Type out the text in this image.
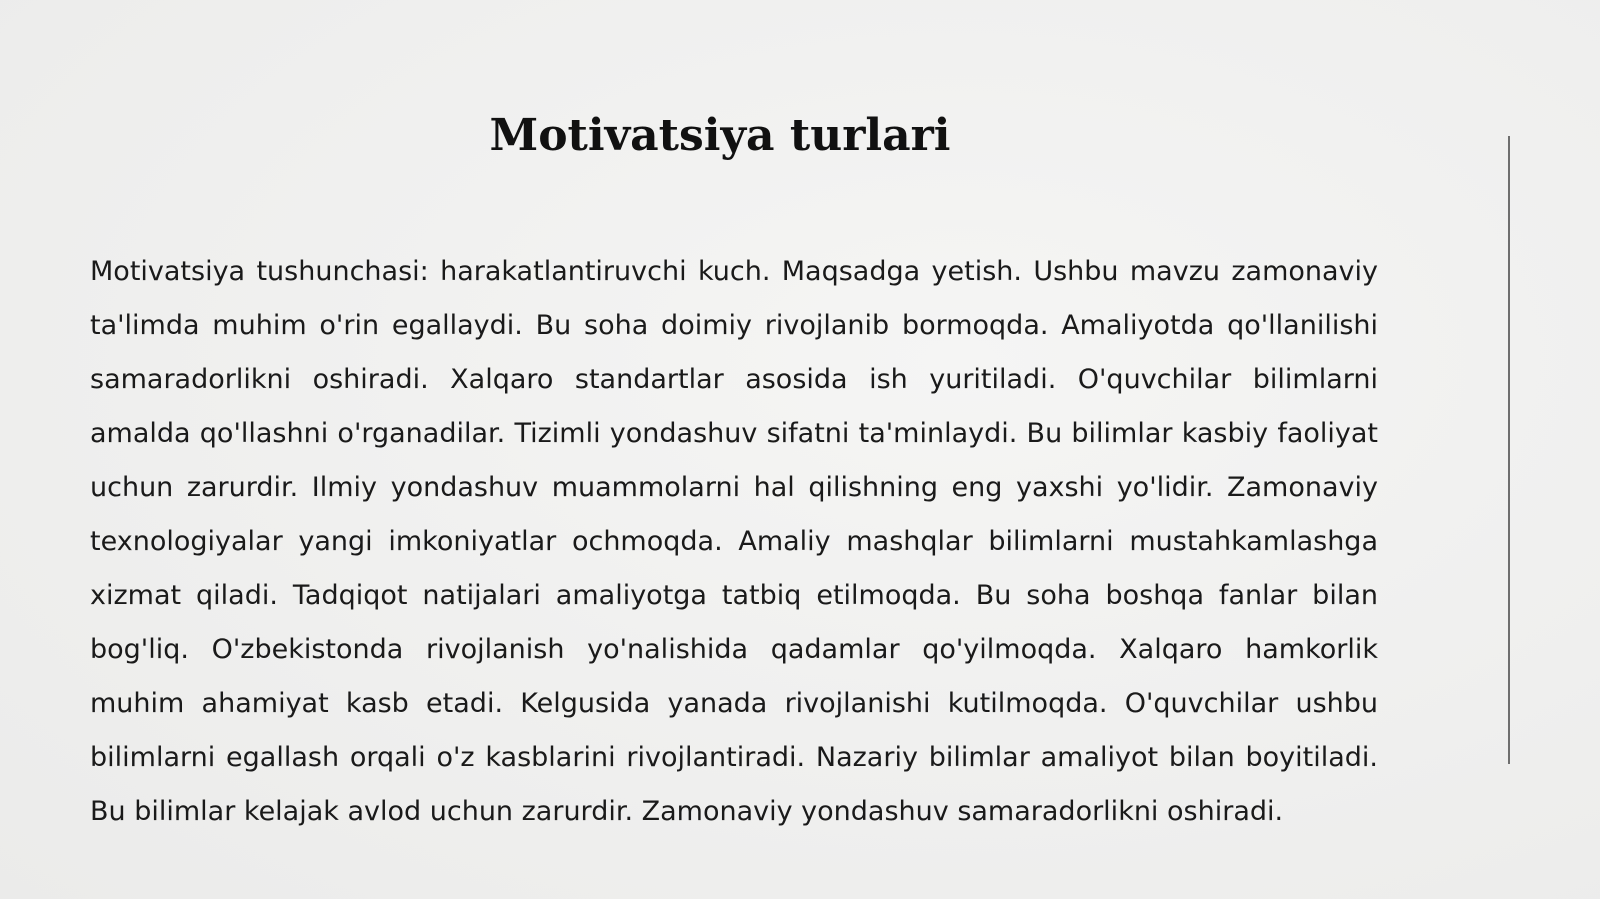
Motivatsiya turlari

Motivatsiya tushunchasi: harakatlantiruvchi kuch. Maqsadga yetish. Ushbu mavzu zamonaviy ta'limda muhim o'rin egallaydi. Bu soha doimiy rivojlanib bormoqda. Amaliyotda qo'llanilishi samaradorlikni oshiradi. Xalqaro standartlar asosida ish yuritiladi. O'quvchilar bilimlarni amalda qo'llashni o'rganadilar. Tizimli yondashuv sifatni ta'minlaydi. Bu bilimlar kasbiy faoliyat uchun zarurdir. Ilmiy yondashuv muammolarni hal qilishning eng yaxshi yo'lidir. Zamonaviy texnologiyalar yangi imkoniyatlar ochmoqda. Amaliy mashqlar bilimlarni mustahkamlashga xizmat qiladi. Tadqiqot natijalari amaliyotga tatbiq etilmoqda. Bu soha boshqa fanlar bilan bog'liq. O'zbekistonda rivojlanish yo'nalishida qadamlar qo'yilmoqda. Xalqaro hamkorlik muhim ahamiyat kasb etadi. Kelgusida yanada rivojlanishi kutilmoqda. O'quvchilar ushbu bilimlarni egallash orqali o'z kasblarini rivojlantiradi. Nazariy bilimlar amaliyot bilan boyitiladi. Bu bilimlar kelajak avlod uchun zarurdir. Zamonaviy yondashuv samaradorlikni oshiradi.
